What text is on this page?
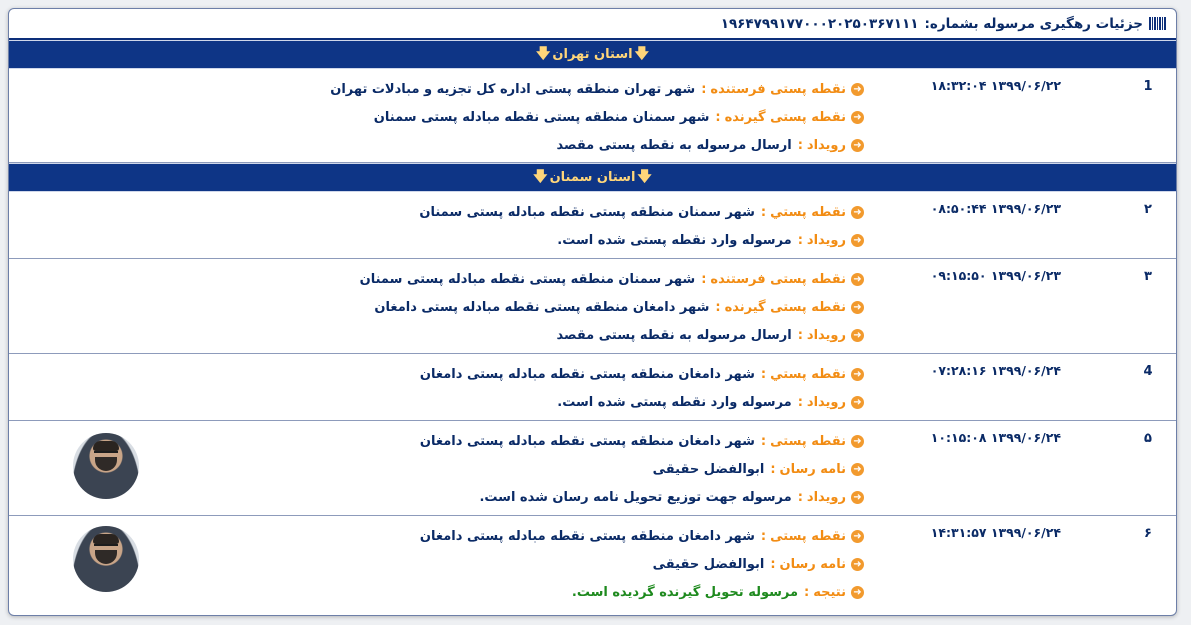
جزئیات رهگیری مرسوله بشماره:
۱۹۶۴۷۹۹۱۷۷۰۰۰۲۰۲۵۰۳۶۷۱۱۱
🡇
استان تهران
🡇
1
۱۸:۳۲:۰۴ ۱۳۹۹/۰۶/۲۲
➜
نقطه پستی فرستنده
:
شهر تهران منطقه پستی اداره کل تجزیه و مبادلات تهران
➜
نقطه پستی گیرنده
:
شهر سمنان منطقه پستی نقطه مبادله پستی سمنان
➜
رویداد
:
ارسال مرسوله به نقطه پستی مقصد
🡇
استان سمنان
🡇
۲
۰۸:۵۰:۴۴ ۱۳۹۹/۰۶/۲۳
➜
نقطه پستي
:
شهر سمنان منطقه پستی نقطه مبادله پستی سمنان
➜
رویداد
:
مرسوله وارد نقطه پستی شده است.
۳
۰۹:۱۵:۵۰ ۱۳۹۹/۰۶/۲۳
➜
نقطه پستی فرستنده
:
شهر سمنان منطقه پستی نقطه مبادله پستی سمنان
➜
نقطه پستی گیرنده
:
شهر دامغان منطقه پستی نقطه مبادله پستی دامغان
➜
رویداد
:
ارسال مرسوله به نقطه پستی مقصد
4
۰۷:۲۸:۱۶ ۱۳۹۹/۰۶/۲۴
➜
نقطه پستي
:
شهر دامغان منطقه پستی نقطه مبادله پستی دامغان
➜
رویداد
:
مرسوله وارد نقطه پستی شده است.
۵
۱۰:۱۵:۰۸ ۱۳۹۹/۰۶/۲۴
➜
نقطه پستی
:
شهر دامغان منطقه پستی نقطه مبادله پستی دامغان
➜
نامه رسان
:
ابوالفضل حقیقی
➜
رویداد
:
مرسوله جهت توزیع تحویل نامه رسان شده است.
۶
۱۴:۳۱:۵۷ ۱۳۹۹/۰۶/۲۴
➜
نقطه پستی
:
شهر دامغان منطقه پستی نقطه مبادله پستی دامغان
➜
نامه رسان
:
ابوالفضل حقیقی
➜
نتیجه
:
مرسوله تحویل گیرنده گردیده است.
